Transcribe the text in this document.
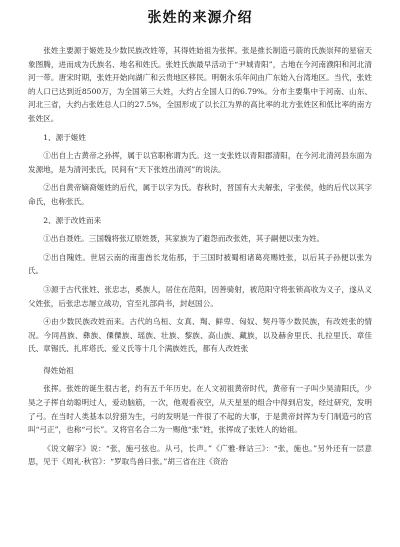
张姓的来源介绍
张姓主要源于姬姓及少数民族改姓等，其得姓始祖为张挥。张是推长制造弓箭的氏族崇拜的星宿天象图腾，进而成为氏族名、地名和姓氏。张姓氏族最早活动于“尹城青阳”，古地在今河南濮阳和河北清河一带。唐宋时期，张姓开始向湖广和云贵地区移民。明朝永乐年间由广东始入台湾地区。当代，张姓的人口已达到近8500万，为全国第三大姓，大约占全国人口的6.79%。分布主要集中于河南、山东、河北三省，大约占张姓总人口的27.5%，全国形成了以长江为界的高比率的北方张姓区和低比率的南方张姓区。
1、源于姬姓
①出自上古黄帝之孙挥，属于以官职称谓为氏。这一支张姓以青阳郡清阳，在今河北清河县东面为发源地，是为清河张氏，民间有“天下张姓出清河”的说法。
②出自黄帝嫡裔姬姓的后代，属于以字为氏。春秋时，晋国有大夫解张，字张侯，他的后代以其字命氏，也称张氏。
2、源于改姓而来
①出自聂姓。三国魏将张辽原姓聂，其家族为了避怨而改张姓，其子嗣便以张为姓。
②出自隗姓。世居云南的南蛮酋长龙佑那，于三国时被蜀相诸葛亮赐姓张，以后其子孙便以张为氏。
③源于古代张姓、张忠志，奚族人，居住在范阳，因善骑射，被范阳守将张锁高收为义子，遂从义父姓张，后张忠志屡立战功，官至礼部尚书，封赵国公。
④由少数民族改姓而来。古代的乌桓、女真、羯、鲜卑、匈奴、契丹等少数民族，有改姓张的情况。今同昌族、彝族、傈僳族、瑶族、壮族、黎族、高山族、藏族，以及赫舍里氏、扎拉里氏、章佳氏、章锡氏、扎库塔氏、爱义氏等十几个满族姓氏，都有人改姓张
得姓始祖
张挥。张姓的诞生很古老，约有五千年历史。在人文初祖黄帝时代，黄帝有一子叫少昊清阳氏，少昊之子挥自幼聪明过人，爱动脑筋，一次，他观看夜空，从天星星的组合中得到启发，经过研究，发明了弓。在当时人类基本以狩猎为生，弓的发明是一件很了不起的大事，于是黄帝封挥为专门制造弓的官叫“弓正”，也称“弓长”。又将官名合二为一赐他“张”姓，张挥成了张姓人的始祖。
《说文解字》说：“张，施弓弦也。从弓，长声。”《广雅·释诂三》：“张，施也。”另外还有一层意思，见于《周礼·秋官》：“罗取鸟兽曰张。”胡三省在注《资治
